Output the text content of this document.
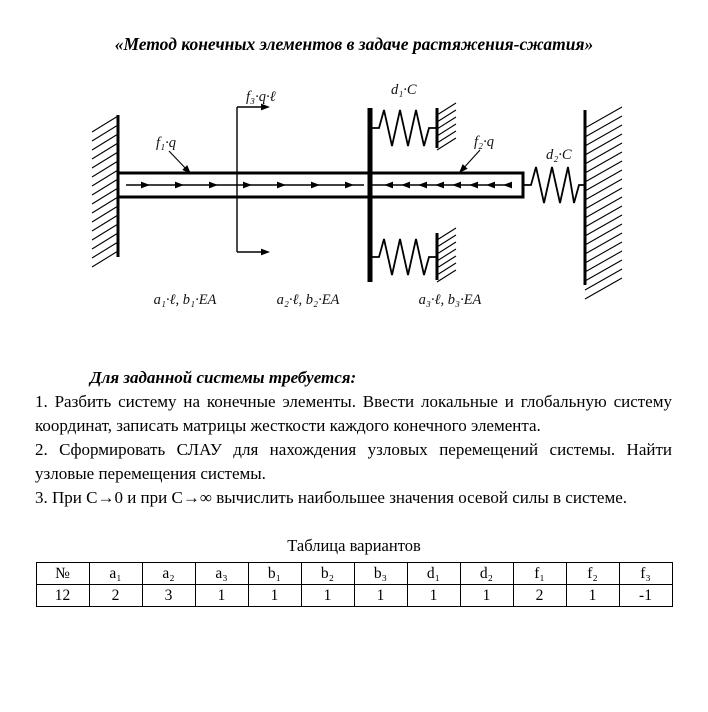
«Метод конечных элементов в задаче растяжения-сжатия»
f₁·q
f₃·q·ℓ	d₁·C
f₂·q
d₂·C
a₁·ℓ, b₁·EA	a₂·ℓ, b₂·EA	a₃·ℓ, b₃·EA

Для заданной системы требуется:

1. Разбить систему на конечные элементы. Ввести локальные и глобальную систему координат, записать матрицы жесткости каждого конечного элемента.

2. Сформировать СЛАУ для нахождения узловых перемещений системы. Найти узловые перемещения системы.

3. При С→0 и при С→∞ вычислить наибольшее значения осевой силы в системе.

Таблица вариантов

№	a₁	a₂	a₃	b₁	b₂	b₃	d₁	d₂	f₁	f₂	f₃
12	2	3	1	1	1	1	1	1	2	1	-1
